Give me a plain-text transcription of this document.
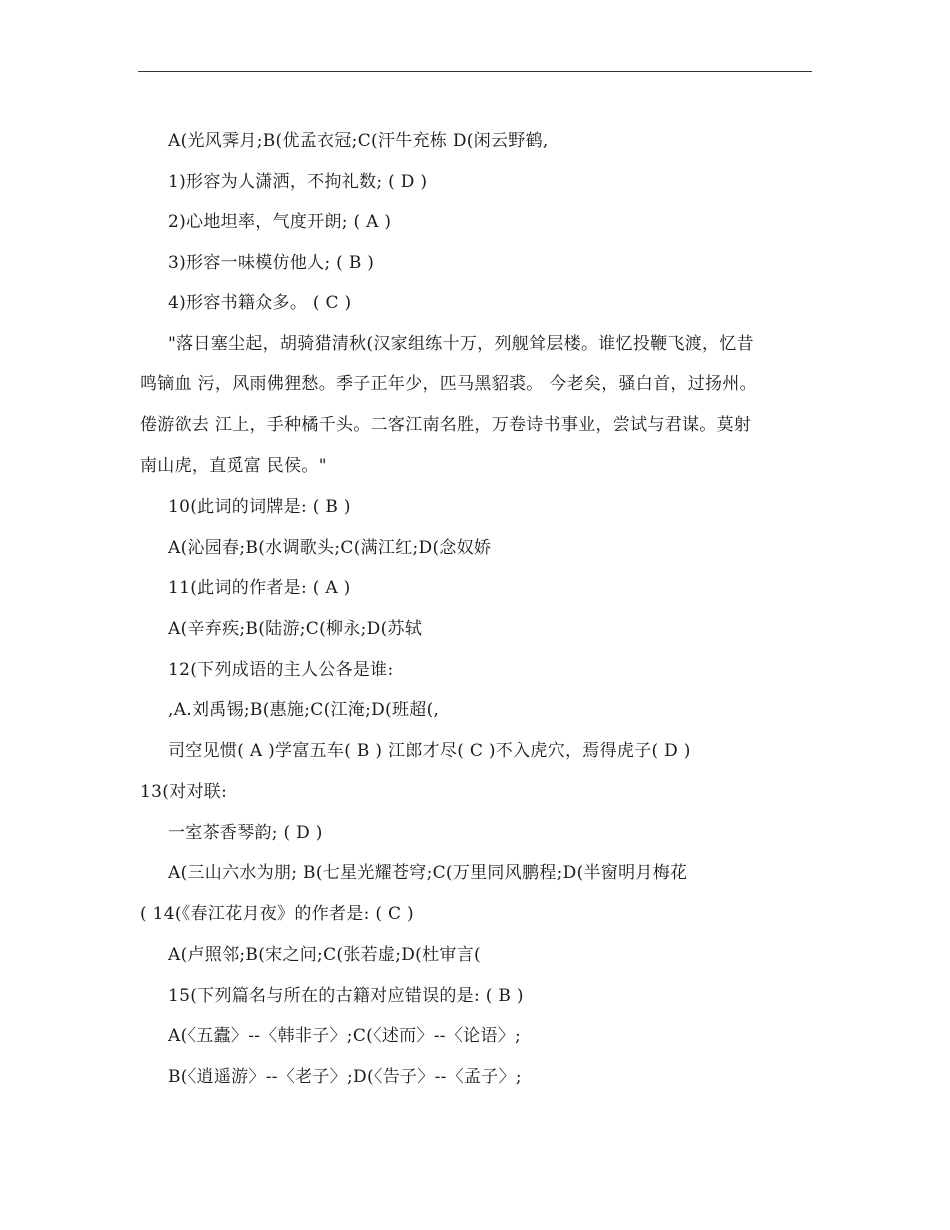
A(光风霁月;B(优孟衣冠;C(汗牛充栋 D(闲云野鹤,
1)形容为人潇洒，不拘礼数; ( D )
2)心地坦率，气度开朗; ( A )
3)形容一味模仿他人; ( B )
4)形容书籍众多。 ( C )
"落日塞尘起，胡骑猎清秋(汉家组练十万，列舰耸层楼。谁忆投鞭飞渡，忆昔
鸣镝血 污，风雨佛狸愁。季子正年少，匹马黑貂裘。 今老矣，骚白首，过扬州。
倦游欲去 江上，手种橘千头。二客江南名胜，万卷诗书事业，尝试与君谋。莫射
南山虎，直觅富 民侯。"
10(此词的词牌是: ( B )
A(沁园春;B(水调歌头;C(满江红;D(念奴娇
11(此词的作者是: ( A )
A(辛弃疾;B(陆游;C(柳永;D(苏轼
12(下列成语的主人公各是谁:
,A.刘禹锡;B(惠施;C(江淹;D(班超(,
司空见惯( A )学富五车( B ) 江郎才尽( C )不入虎穴，焉得虎子( D )
13(对对联:
一室茶香琴韵; ( D )
A(三山六水为朋; B(七星光耀苍穹;C(万里同风鹏程;D(半窗明月梅花
( 14(《春江花月夜》的作者是: ( C )
A(卢照邻;B(宋之问;C(张若虚;D(杜审言(
15(下列篇名与所在的古籍对应错误的是: ( B )
A(〈五蠹〉--〈韩非子〉;C(〈述而〉--〈论语〉;
B(〈逍遥游〉--〈老子〉;D(〈告子〉--〈孟子〉;
